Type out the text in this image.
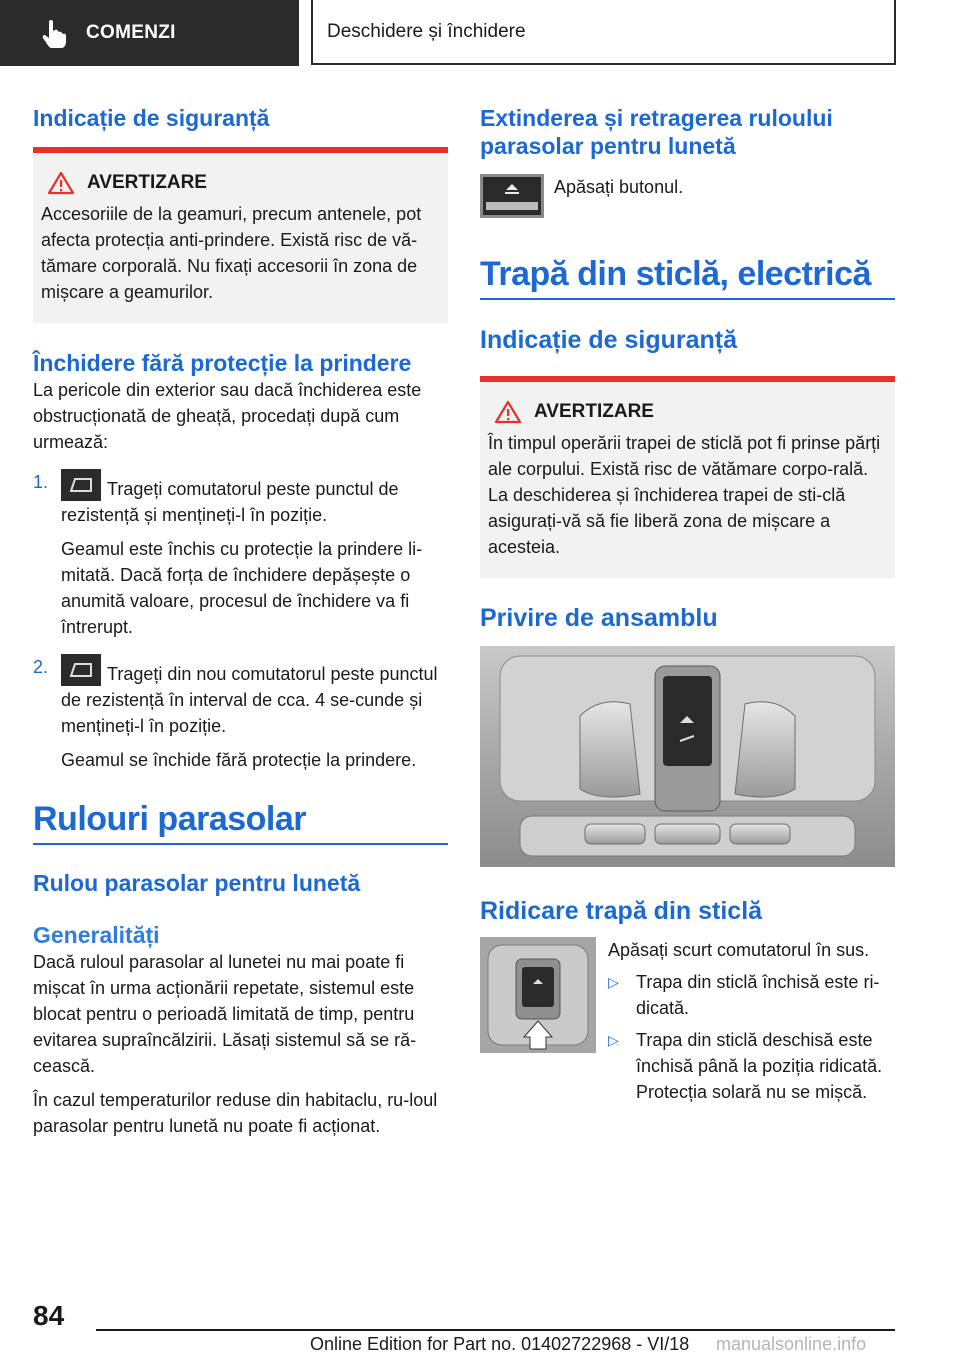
COMENZI	Deschidere și închidere
Indicație de siguranță
AVERTIZARE
Accesoriile de la geamuri, precum antenele, pot afecta protecția anti-prindere. Există risc de vă-tămare corporală. Nu fixați accesorii în zona de mișcare a geamurilor.
Închidere fără protecție la prindere
La pericole din exterior sau dacă închiderea este obstrucționată de gheață, procedați după cum urmează:
1.	Trageți comutatorul peste punctul de rezistență și mențineți-l în poziție.
Geamul este închis cu protecție la prindere li-mitată. Dacă forța de închidere depășește o anumită valoare, procesul de închidere va fi întrerupt.
2.	Trageți din nou comutatorul peste punctul de rezistență în interval de cca. 4 se-cunde și mențineți-l în poziție.
Geamul se închide fără protecție la prindere.
Rulouri parasolar
Rulou parasolar pentru lunetă
Generalități
Dacă ruloul parasolar al lunetei nu mai poate fi mișcat în urma acționării repetate, sistemul este blocat pentru o perioadă limitată de timp, pentru evitarea supraîncălzirii. Lăsați sistemul să se ră-cească.
În cazul temperaturilor reduse din habitaclu, ru-loul parasolar pentru lunetă nu poate fi acționat.
Extinderea și retragerea ruloului parasolar pentru lunetă
Apăsați butonul.
Trapă din sticlă, electrică
Indicație de siguranță
AVERTIZARE
În timpul operării trapei de sticlă pot fi prinse părți ale corpului. Există risc de vătămare corpo-rală. La deschiderea și închiderea trapei de sti-clă asigurați-vă să fie liberă zona de mișcare a acesteia.
Privire de ansamblu
Ridicare trapă din sticlă
Apăsați scurt comutatorul în sus.
▷ Trapa din sticlă închisă este ri-dicată.
▷ Trapa din sticlă deschisă este închisă până la poziția ridicată. Protecția solară nu se mișcă.
84
Online Edition for Part no. 01402722968 - VI/18 manualsonline.info
